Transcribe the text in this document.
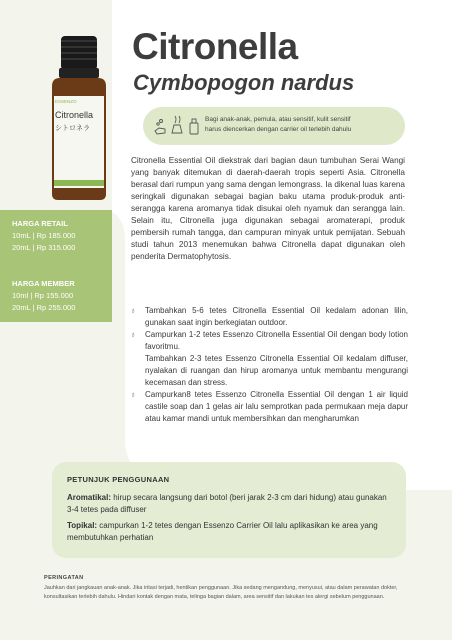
ESSENZO
Citronella
シトロネラ
Citronella
Cymbopogon nardus
Bagi anak-anak, pemula, atau sensitif, kulit sensitif
harus diencerkan dengan carrier oil terlebih dahulu

Citronella Essential Oil diekstrak dari bagian daun tumbuhan Serai Wangi yang banyak ditemukan di daerah-daerah tropis seperti Asia. Citronella berasal dari rumpun yang sama dengan lemongrass. Ia dikenal luas karena seringkali digunakan sebagai bagian baku utama produk-produk anti-serangga karena aromanya tidak disukai oleh nyamuk dan serangga lain. Selain itu, Citronella juga digunakan sebagai aromaterapi, produk pembersih rumah tangga, dan campuran minyak untuk pemijatan. Sebuah studi tahun 2013 menemukan bahwa Citronella dapat digunakan oleh penderita Dermatophytosis.

HARGA RETAIL

10mL | Rp 185.000

20mL | Rp 315.000

HARGA MEMBER

10ml | Rp 155.000

20mL | Rp 255.000	♁ Tambahkan 5-6 tetes Citronella Essential Oil kedalam adonan lilin, gunakan saat ingin berkegiatan outdoor.
♁ Campurkan 1-2 tetes Essenzo Citronella Essential Oil dengan body lotion favoritmu.
Tambahkan 2-3 tetes Essenzo Citronella Essential Oil kedalam diffuser, nyalakan di ruangan dan hirup aromanya untuk membantu mengurangi kecemasan dan stress.
♁ Campurkan8 tetes Essenzo Citronella Essential Oil dengan 1 air liquid castile soap dan 1 gelas air lalu semprotkan pada permukaan meja dapur atau kamar mandi untuk membersihkan dan mengharumkan

PETUNJUK PENGGUNAAN

Aromatikal: hirup secara langsung dari botol (beri jarak 2-3 cm dari hidung) atau gunakan 3-4 tetes pada diffuser

Topikal: campurkan 1-2 tetes dengan Essenzo Carrier Oil lalu aplikasikan ke area yang membutuhkan perhatian

PERINGATAN

Jauhkan dari jangkauan anak-anak. Jika iritasi terjadi, hentikan penggunaan. Jika sedang mengandung, menyusui, atau dalam perawatan dokter, konsultasikan terlebih dahulu. Hindari kontak dengan mata, telinga bagian dalam, area sensitif dan lakukan tes alergi sebelum penggunaan.
